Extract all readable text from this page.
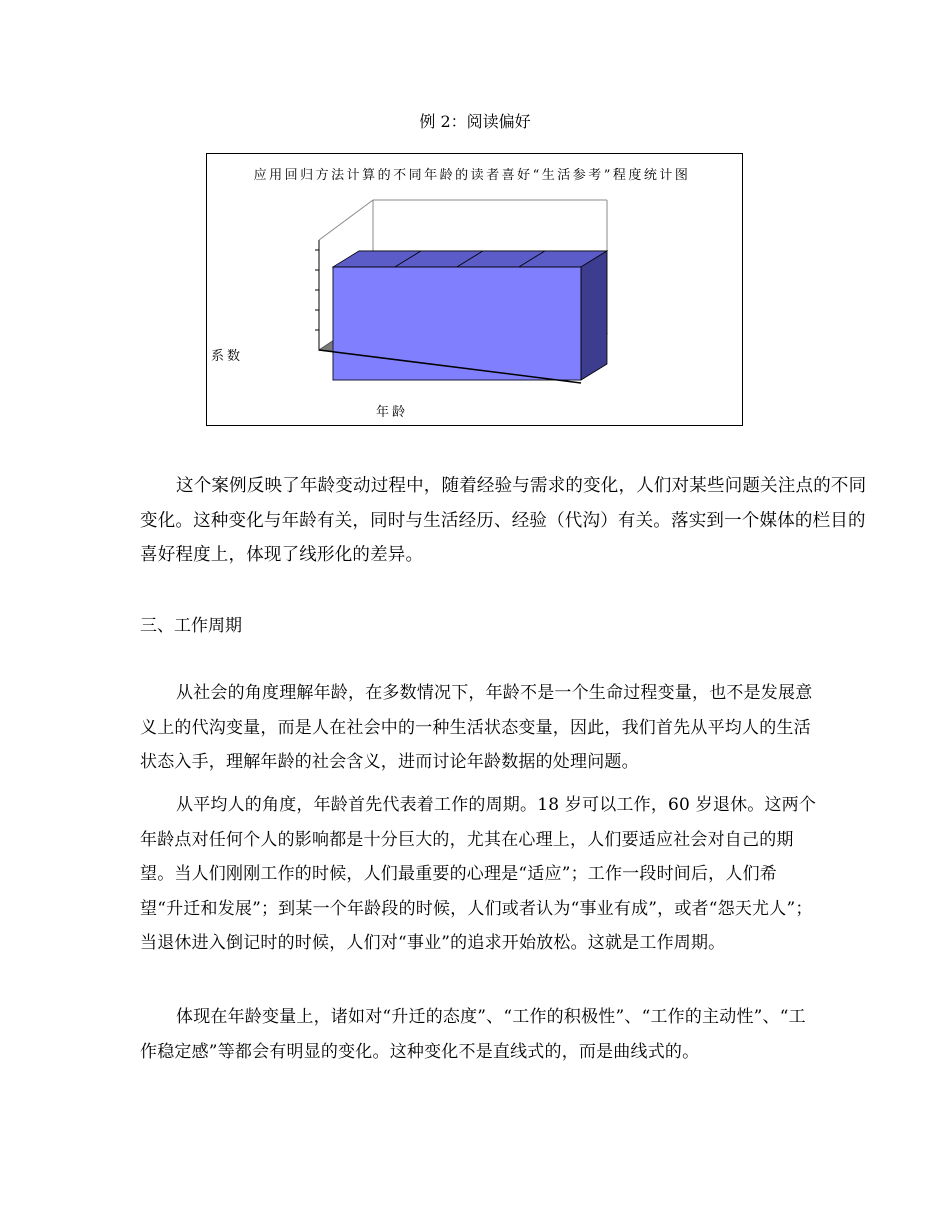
例 2：阅读偏好
应用回归方法计算的不同年龄的读者喜好“生活参考”程度统计图
系数
年龄
这个案例反映了年龄变动过程中，随着经验与需求的变化，人们对某些问题关注点的不同变化。这种变化与年龄有关，同时与生活经历、经验（代沟）有关。落实到一个媒体的栏目的喜好程度上，体现了线形化的差异。
三、工作周期
从社会的角度理解年龄，在多数情况下，年龄不是一个生命过程变量，也不是发展意义上的代沟变量，而是人在社会中的一种生活状态变量，因此，我们首先从平均人的生活状态入手，理解年龄的社会含义，进而讨论年龄数据的处理问题。
从平均人的角度，年龄首先代表着工作的周期。18 岁可以工作，60 岁退休。这两个年龄点对任何个人的影响都是十分巨大的，尤其在心理上，人们要适应社会对自己的期望。当人们刚刚工作的时候，人们最重要的心理是“适应”；工作一段时间后，人们希望“升迁和发展”；到某一个年龄段的时候，人们或者认为“事业有成”，或者“怨天尤人”；当退休进入倒记时的时候，人们对“事业”的追求开始放松。这就是工作周期。
体现在年龄变量上，诸如对“升迁的态度”、“工作的积极性”、“工作的主动性”、“工作稳定感”等都会有明显的变化。这种变化不是直线式的，而是曲线式的。
